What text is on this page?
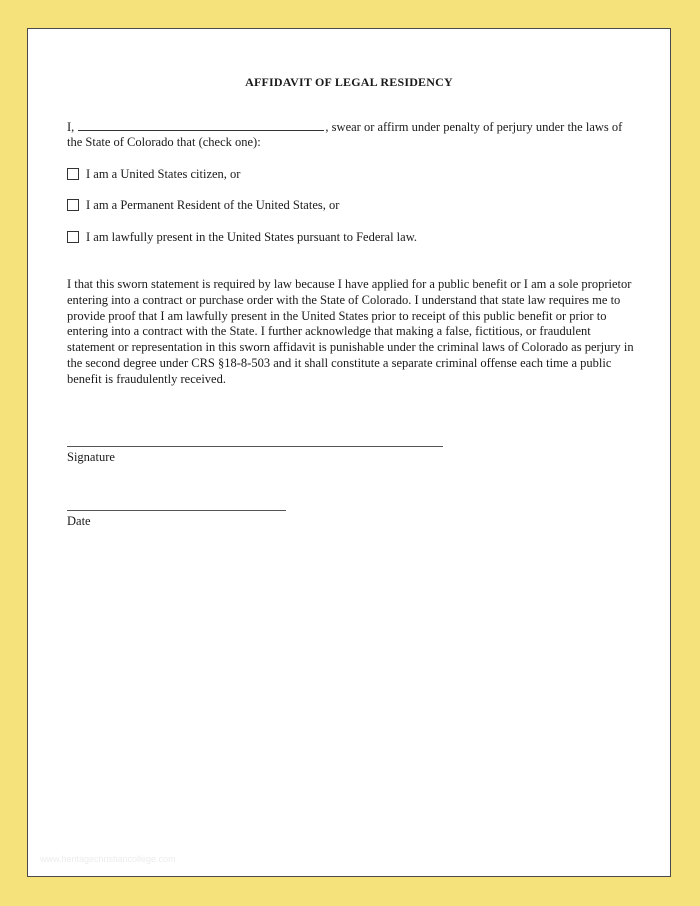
AFFIDAVIT OF LEGAL RESIDENCY
I,	, swear or affirm under penalty of perjury under the laws of the State of Colorado that (check one):
I am a United States citizen, or
I am a Permanent Resident of the United States, or
I am lawfully present in the United States pursuant to Federal law.
I that this sworn statement is required by law because I have applied for a public benefit or I am a sole proprietor entering into a contract or purchase order with the State of Colorado. I understand that state law requires me to provide proof that I am lawfully present in the United States prior to receipt of this public benefit or prior to entering into a contract with the State. I further acknowledge that making a false, fictitious, or fraudulent statement or representation in this sworn affidavit is punishable under the criminal laws of Colorado as perjury in the second degree under CRS §18-8-503 and it shall constitute a separate criminal offense each time a public benefit is fraudulently received.
Signature
Date
www.heritagechristiancollege.com
